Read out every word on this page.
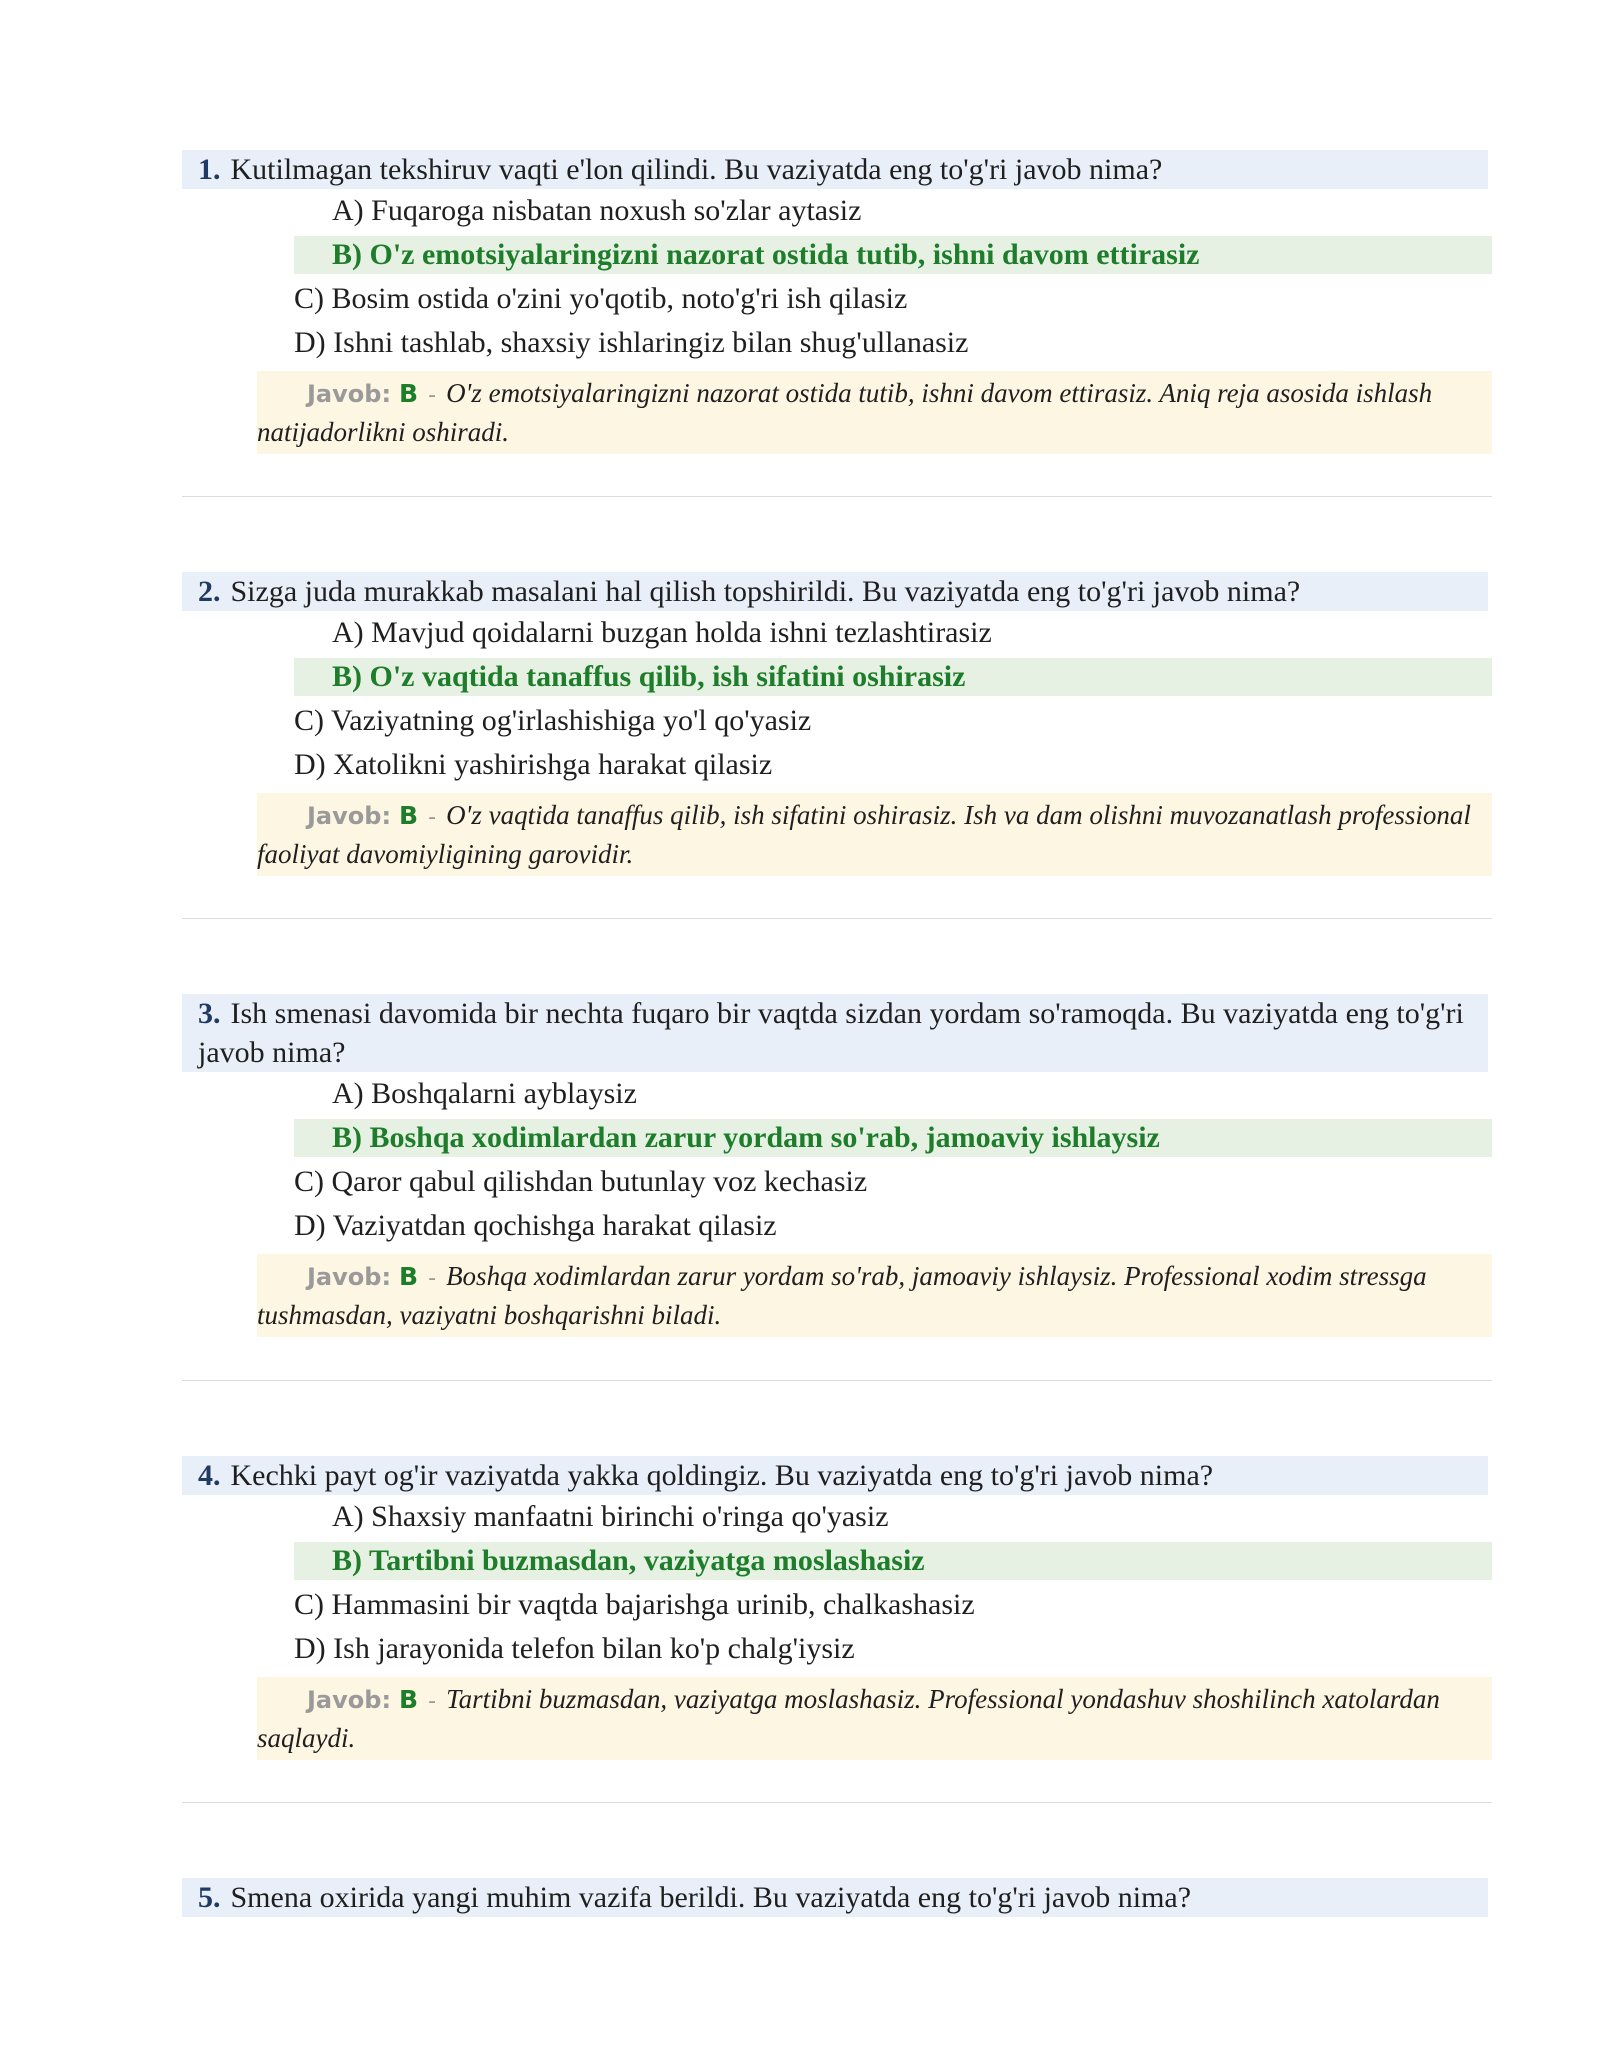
1. Kutilmagan tekshiruv vaqti e'lon qilindi. Bu vaziyatda eng to'g'ri javob nima?
A) Fuqaroga nisbatan noxush so'zlar aytasiz
B) O'z emotsiyalaringizni nazorat ostida tutib, ishni davom ettirasiz
C) Bosim ostida o'zini yo'qotib, noto'g'ri ish qilasiz
D) Ishni tashlab, shaxsiy ishlaringiz bilan shug'ullanasiz
Javob: B - O'z emotsiyalaringizni nazorat ostida tutib, ishni davom ettirasiz. Aniq reja asosida ishlash natijadorlikni oshiradi.
2. Sizga juda murakkab masalani hal qilish topshirildi. Bu vaziyatda eng to'g'ri javob nima?
A) Mavjud qoidalarni buzgan holda ishni tezlashtirasiz
B) O'z vaqtida tanaffus qilib, ish sifatini oshirasiz
C) Vaziyatning og'irlashishiga yo'l qo'yasiz
D) Xatolikni yashirishga harakat qilasiz
Javob: B - O'z vaqtida tanaffus qilib, ish sifatini oshirasiz. Ish va dam olishni muvozanatlash professional faoliyat davomiyligining garovidir.
3. Ish smenasi davomida bir nechta fuqaro bir vaqtda sizdan yordam so'ramoqda. Bu vaziyatda eng to'g'ri javob nima?
A) Boshqalarni ayblaysiz
B) Boshqa xodimlardan zarur yordam so'rab, jamoaviy ishlaysiz
C) Qaror qabul qilishdan butunlay voz kechasiz
D) Vaziyatdan qochishga harakat qilasiz
Javob: B - Boshqa xodimlardan zarur yordam so'rab, jamoaviy ishlaysiz. Professional xodim stressga tushmasdan, vaziyatni boshqarishni biladi.
4. Kechki payt og'ir vaziyatda yakka qoldingiz. Bu vaziyatda eng to'g'ri javob nima?
A) Shaxsiy manfaatni birinchi o'ringa qo'yasiz
B) Tartibni buzmasdan, vaziyatga moslashasiz
C) Hammasini bir vaqtda bajarishga urinib, chalkashasiz
D) Ish jarayonida telefon bilan ko'p chalg'iysiz
Javob: B - Tartibni buzmasdan, vaziyatga moslashasiz. Professional yondashuv shoshilinch xatolardan saqlaydi.
5. Smena oxirida yangi muhim vazifa berildi. Bu vaziyatda eng to'g'ri javob nima?
